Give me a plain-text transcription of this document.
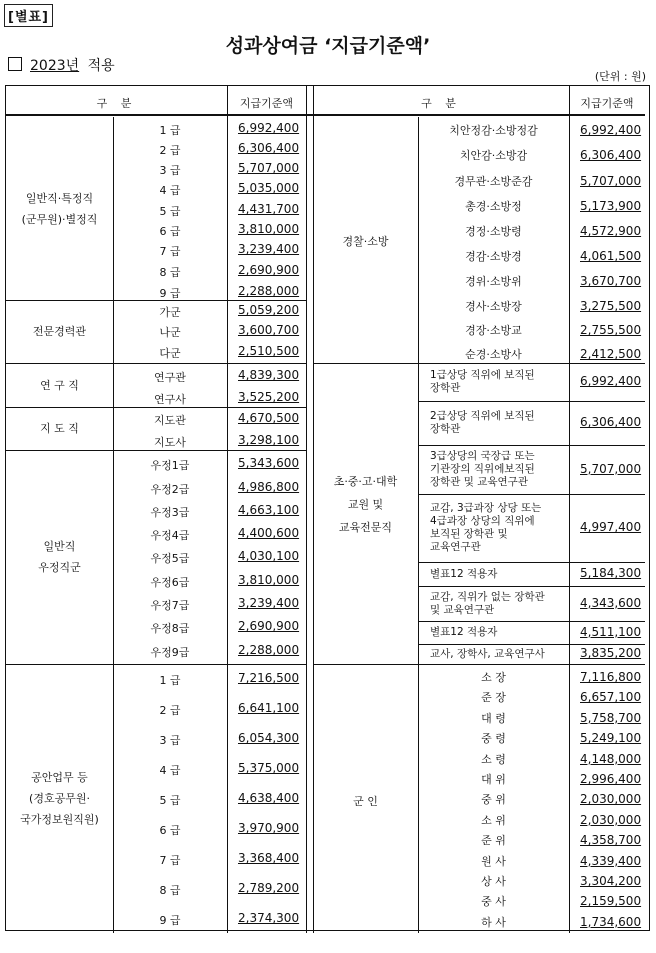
[별표]
성과상여금 ‘지급기준액’
2023년 적용
(단위 : 원)
구 분	지급기준액	구 분	지급기준액
일반직·특정직
(군무원)·별정직
1 급	6,992,400
2 급	6,306,400
3 급	5,707,000
4 급	5,035,000
5 급	4,431,700
6 급	3,810,000
7 급	3,239,400
8 급	2,690,900
9 급	2,288,000
전문경력관
가군	5,059,200
나군	3,600,700
다군	2,510,500
연 구 직
연구관	4,839,300
연구사	3,525,200
지 도 직
지도관	4,670,500
지도사	3,298,100
일반직
우정직군
우정1급	5,343,600
우정2급	4,986,800
우정3급	4,663,100
우정4급	4,400,600
우정5급	4,030,100
우정6급	3,810,000
우정7급	3,239,400
우정8급	2,690,900
우정9급	2,288,000
공안업무 등
(경호공무원·
국가정보원직원)
1 급	7,216,500
2 급	6,641,100
3 급	6,054,300
4 급	5,375,000
5 급	4,638,400
6 급	3,970,900
7 급	3,368,400
8 급	2,789,200
9 급	2,374,300
경찰·소방
치안정감·소방정감	6,992,400
치안감·소방감	6,306,400
경무관·소방준감	5,707,000
총경·소방정	5,173,900
경정·소방령	4,572,900
경감·소방경	4,061,500
경위·소방위	3,670,700
경사·소방장	3,275,500
경장·소방교	2,755,500
순경·소방사	2,412,500
초·중·고·대학
교원 및
교육전문직
1급상당 직위에 보직된
장학관	6,992,400
2급상당 직위에 보직된
장학관	6,306,400
3급상당의 국장급 또는
기관장의 직위에보직된
장학관 및 교육연구관
5,707,000
교감, 3급과장 상당 또는
4급과장 상당의 직위에
보직된 장학관 및
교육연구관
4,997,400
별표12 적용자	5,184,300
교감, 직위가 없는 장학관
및 교육연구관	4,343,600
별표12 적용자	4,511,100
교사, 장학사, 교육연구사	3,835,200
군 인
소 장	7,116,800
준 장	6,657,100
대 령	5,758,700
중 령	5,249,100
소 령	4,148,000
대 위	2,996,400
중 위	2,030,000
소 위	2,030,000
준 위	4,358,700
원 사	4,339,400
상 사	3,304,200
중 사	2,159,500
하 사	1,734,600
